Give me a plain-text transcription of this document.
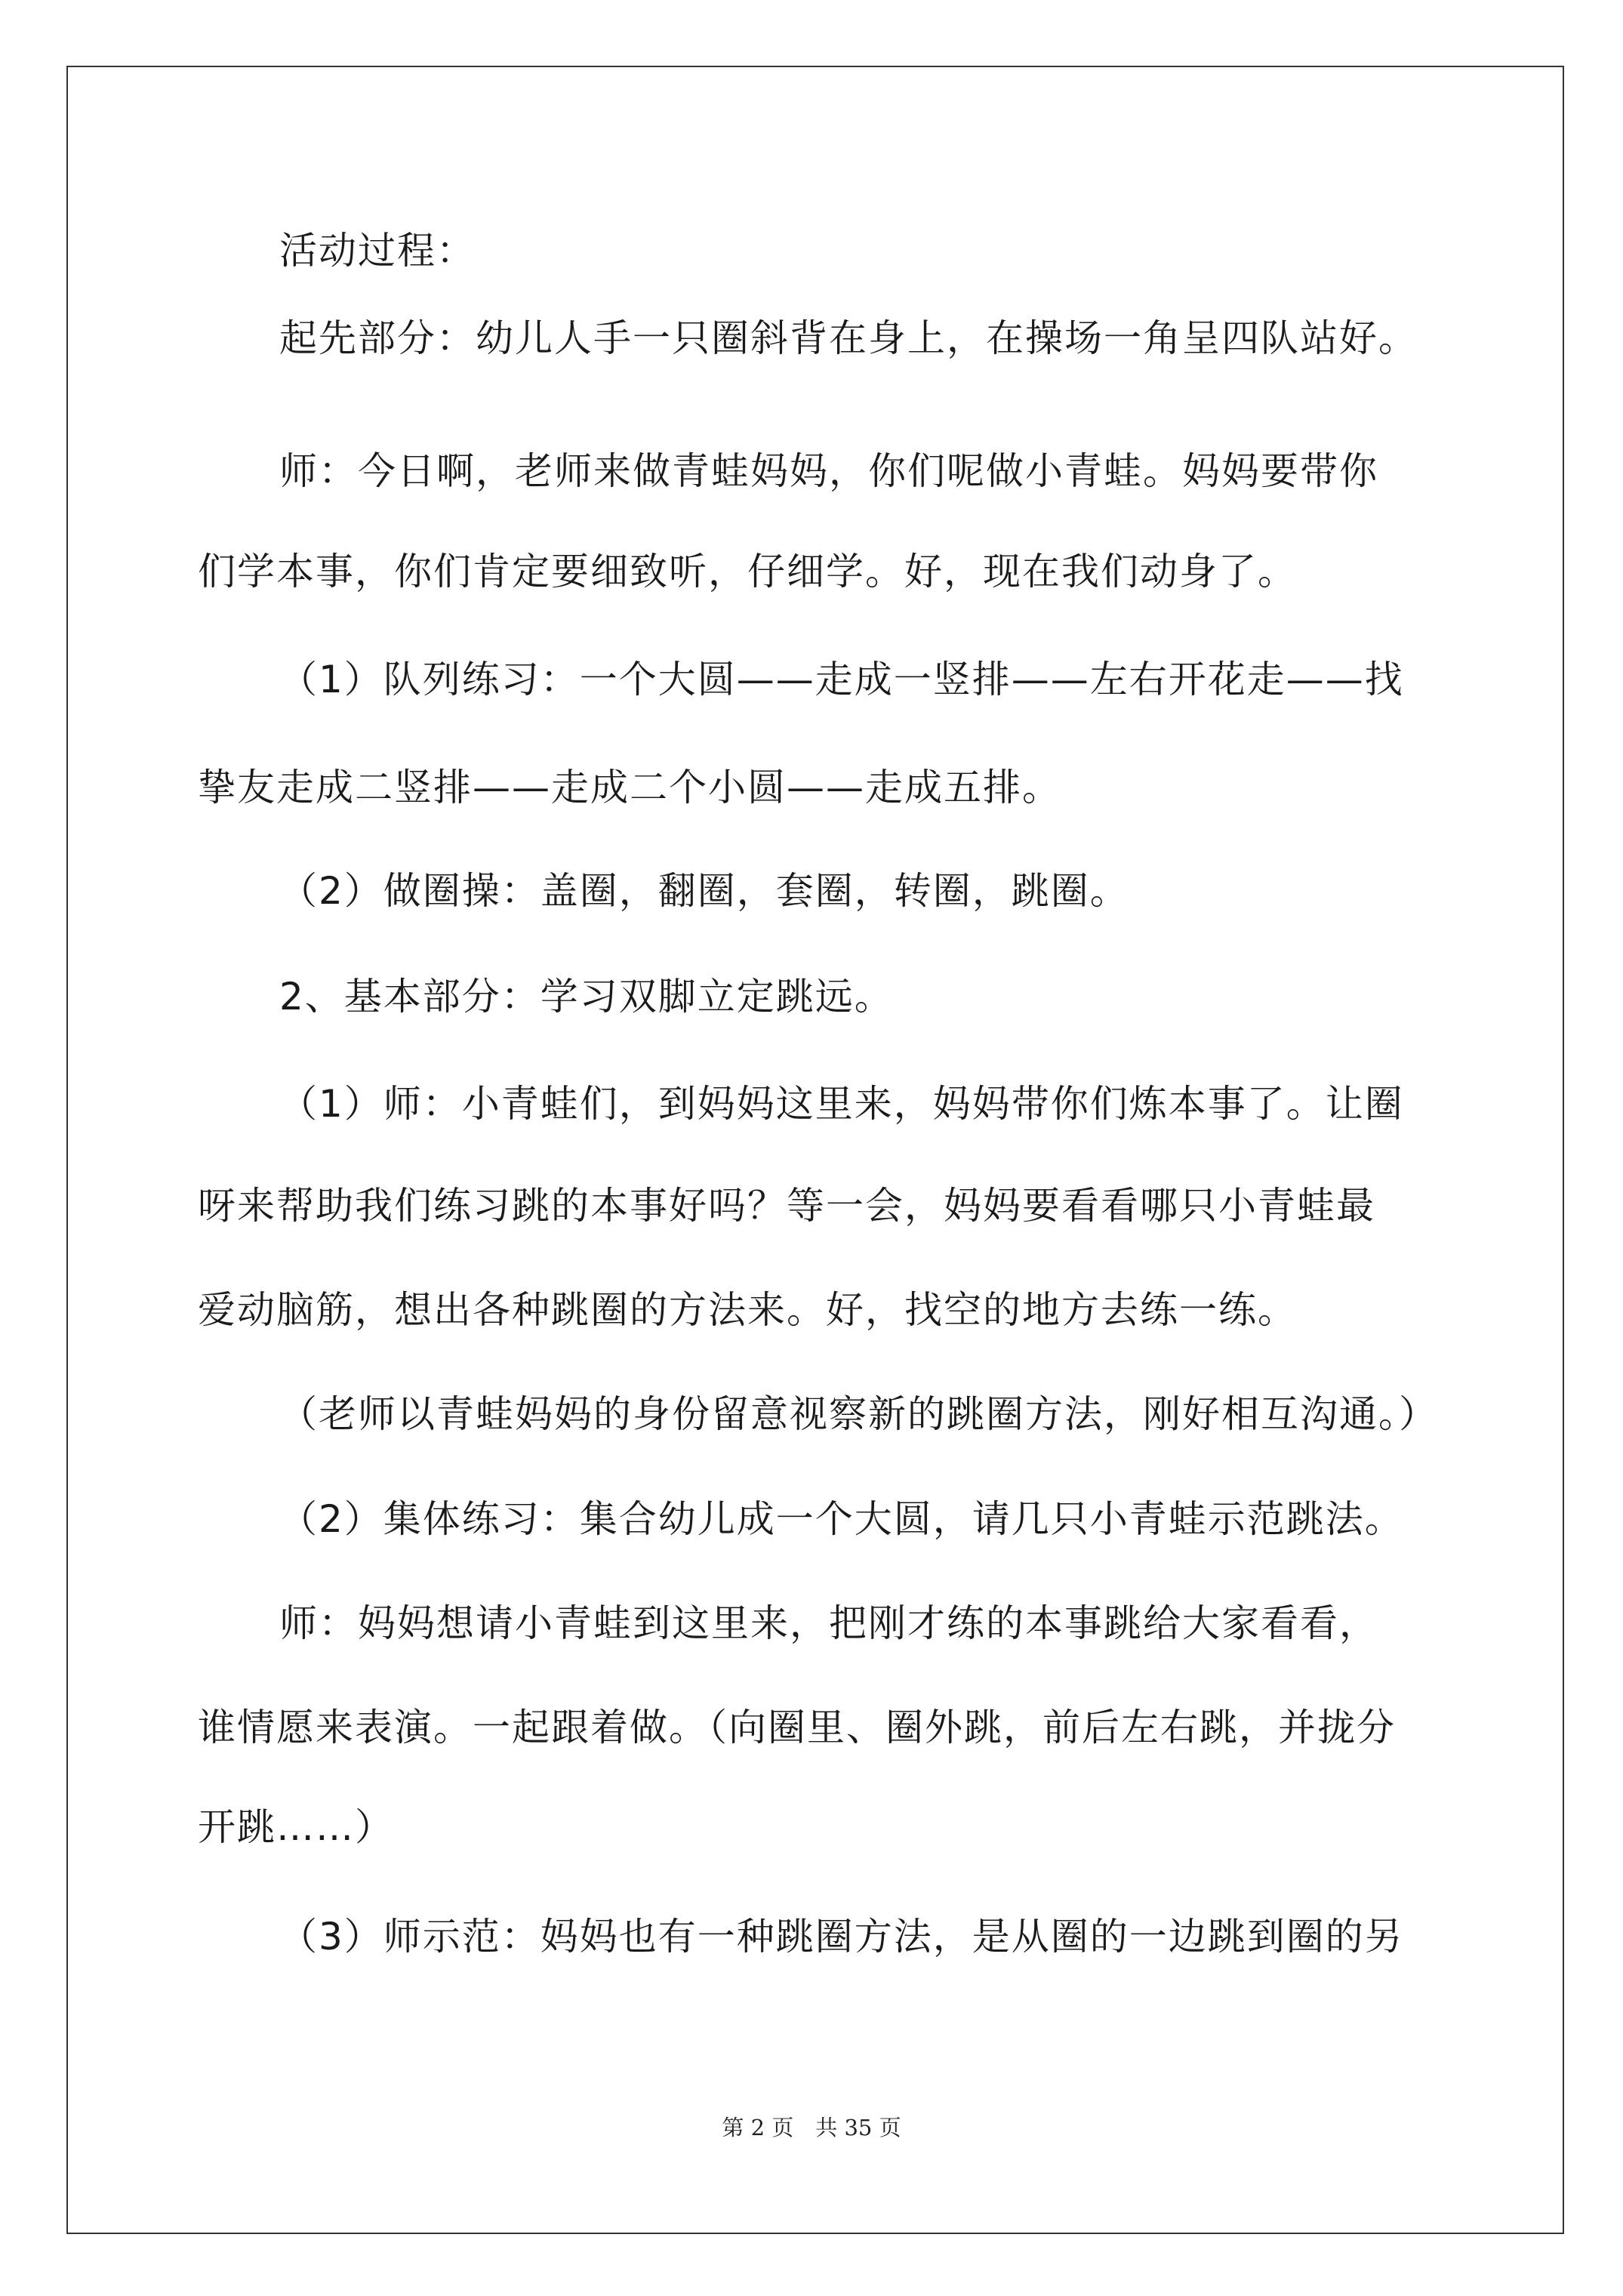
活动过程：
起先部分：幼儿人手一只圈斜背在身上，在操场一角呈四队站好。
师：今日啊，老师来做青蛙妈妈，你们呢做小青蛙。妈妈要带你
们学本事，你们肯定要细致听，仔细学。好，现在我们动身了。
（1）队列练习：一个大圆——走成一竖排——左右开花走——找
挚友走成二竖排——走成二个小圆——走成五排。
（2）做圈操：盖圈，翻圈，套圈，转圈，跳圈。
2、基本部分：学习双脚立定跳远。
（1）师：小青蛙们，到妈妈这里来，妈妈带你们炼本事了。让圈
呀来帮助我们练习跳的本事好吗？等一会，妈妈要看看哪只小青蛙最
爱动脑筋，想出各种跳圈的方法来。好，找空的地方去练一练。
（老师以青蛙妈妈的身份留意视察新的跳圈方法，刚好相互沟通。）
（2）集体练习：集合幼儿成一个大圆，请几只小青蛙示范跳法。
师：妈妈想请小青蛙到这里来，把刚才练的本事跳给大家看看，
谁情愿来表演。一起跟着做。（向圈里、圈外跳，前后左右跳，并拢分
开跳……）
（3）师示范：妈妈也有一种跳圈方法，是从圈的一边跳到圈的另
第 2 页　共 35 页
